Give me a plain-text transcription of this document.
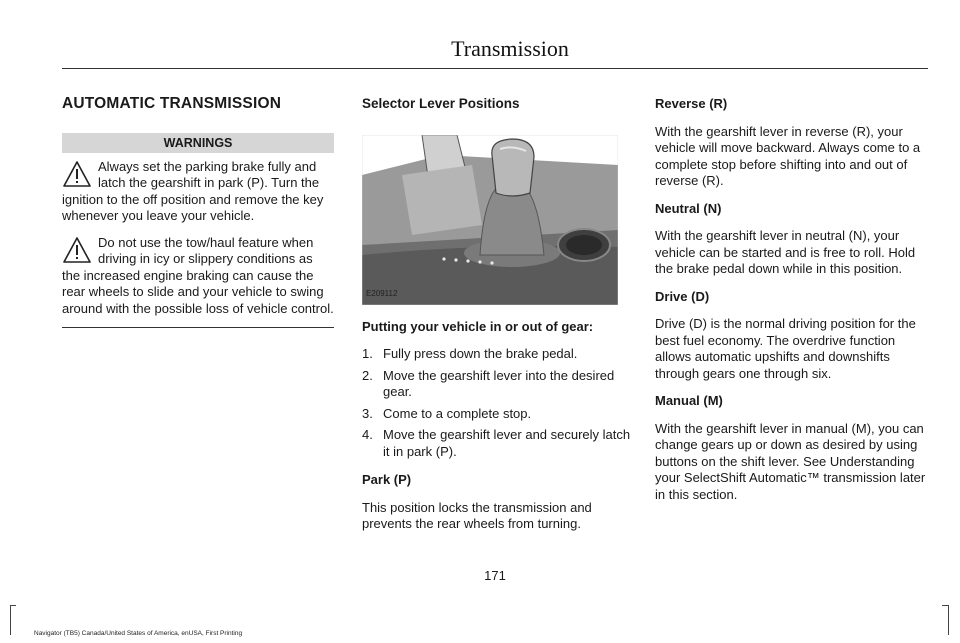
Transmission
AUTOMATIC TRANSMISSION
WARNINGS
Always set the parking brake fully and latch the gearshift in park (P). Turn the ignition to the off position and remove the key whenever you leave your vehicle.
Do not use the tow/haul feature when driving in icy or slippery conditions as the increased engine braking can cause the rear wheels to slide and your vehicle to swing around with the possible loss of vehicle control.
Selector Lever Positions
E209112
Putting your vehicle in or out of gear:
1. Fully press down the brake pedal.
2. Move the gearshift lever into the desired gear.
3. Come to a complete stop.
4. Move the gearshift lever and securely latch it in park (P).
Park (P)

This position locks the transmission and prevents the rear wheels from turning.

Reverse (R)

With the gearshift lever in reverse (R), your vehicle will move backward. Always come to a complete stop before shifting into and out of reverse (R).

Neutral (N)

With the gearshift lever in neutral (N), your vehicle can be started and is free to roll. Hold the brake pedal down while in this position.

Drive (D)

Drive (D) is the normal driving position for the best fuel economy. The overdrive function allows automatic upshifts and downshifts through gears one through six.

Manual (M)

With the gearshift lever in manual (M), you can change gears up or down as desired by using buttons on the shift lever. See Understanding your SelectShift Automatic™ transmission later in this section.

171
Navigator (TB5) Canada/United States of America, enUSA, First Printing
